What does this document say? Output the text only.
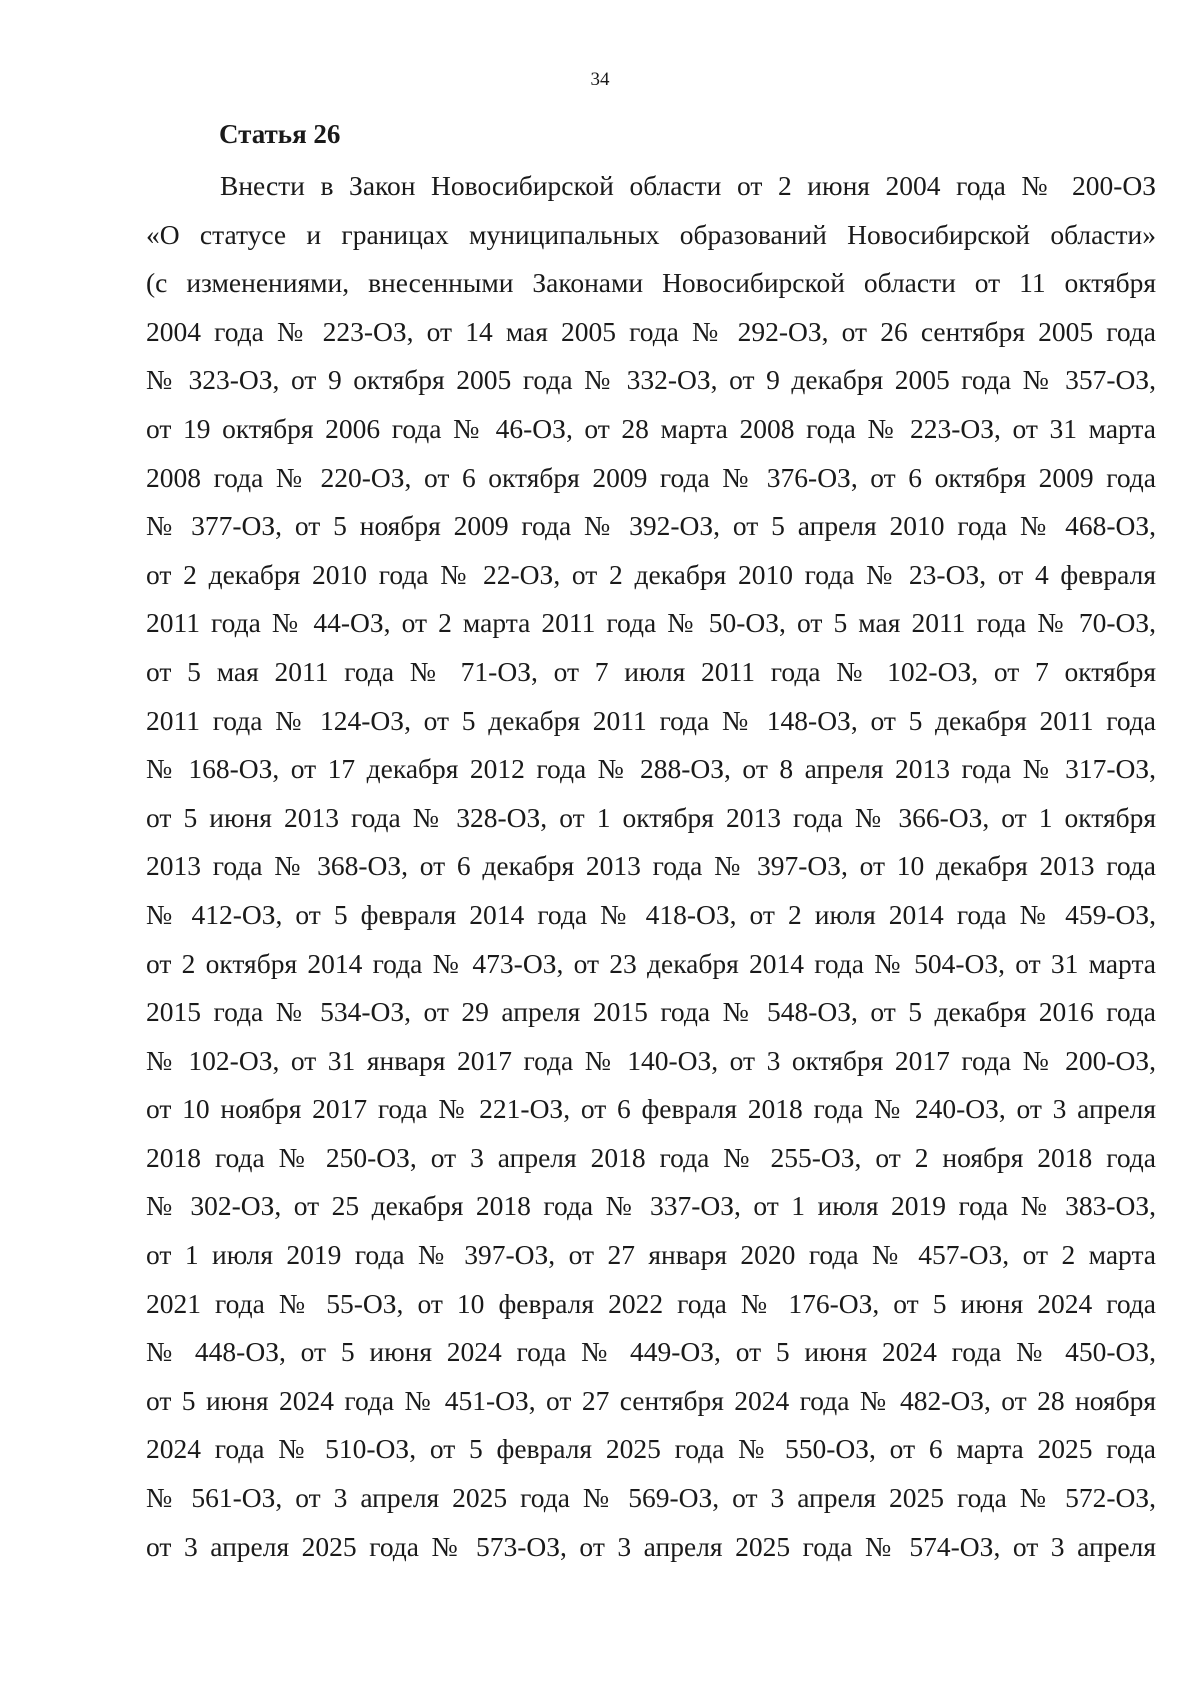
34
Статья 26
Внести в Закон Новосибирской области от 2 июня 2004 года № 200-ОЗ
«О статусе и границах муниципальных образований Новосибирской области»
(с изменениями, внесенными Законами Новосибирской области от 11 октября
2004 года № 223-ОЗ, от 14 мая 2005 года № 292-ОЗ, от 26 сентября 2005 года
№ 323-ОЗ, от 9 октября 2005 года № 332-ОЗ, от 9 декабря 2005 года № 357-ОЗ,
от 19 октября 2006 года № 46-ОЗ, от 28 марта 2008 года № 223-ОЗ, от 31 марта
2008 года № 220-ОЗ, от 6 октября 2009 года № 376-ОЗ, от 6 октября 2009 года
№ 377-ОЗ, от 5 ноября 2009 года № 392-ОЗ, от 5 апреля 2010 года № 468-ОЗ,
от 2 декабря 2010 года № 22-ОЗ, от 2 декабря 2010 года № 23-ОЗ, от 4 февраля
2011 года № 44-ОЗ, от 2 марта 2011 года № 50-ОЗ, от 5 мая 2011 года № 70-ОЗ,
от 5 мая 2011 года № 71-ОЗ, от 7 июля 2011 года № 102-ОЗ, от 7 октября
2011 года № 124-ОЗ, от 5 декабря 2011 года № 148-ОЗ, от 5 декабря 2011 года
№ 168-ОЗ, от 17 декабря 2012 года № 288-ОЗ, от 8 апреля 2013 года № 317-ОЗ,
от 5 июня 2013 года № 328-ОЗ, от 1 октября 2013 года № 366-ОЗ, от 1 октября
2013 года № 368-ОЗ, от 6 декабря 2013 года № 397-ОЗ, от 10 декабря 2013 года
№ 412-ОЗ, от 5 февраля 2014 года № 418-ОЗ, от 2 июля 2014 года № 459-ОЗ,
от 2 октября 2014 года № 473-ОЗ, от 23 декабря 2014 года № 504-ОЗ, от 31 марта
2015 года № 534-ОЗ, от 29 апреля 2015 года № 548-ОЗ, от 5 декабря 2016 года
№ 102-ОЗ, от 31 января 2017 года № 140-ОЗ, от 3 октября 2017 года № 200-ОЗ,
от 10 ноября 2017 года № 221-ОЗ, от 6 февраля 2018 года № 240-ОЗ, от 3 апреля
2018 года № 250-ОЗ, от 3 апреля 2018 года № 255-ОЗ, от 2 ноября 2018 года
№ 302-ОЗ, от 25 декабря 2018 года № 337-ОЗ, от 1 июля 2019 года № 383-ОЗ,
от 1 июля 2019 года № 397-ОЗ, от 27 января 2020 года № 457-ОЗ, от 2 марта
2021 года № 55-ОЗ, от 10 февраля 2022 года № 176-ОЗ, от 5 июня 2024 года
№ 448-ОЗ, от 5 июня 2024 года № 449-ОЗ, от 5 июня 2024 года № 450-ОЗ,
от 5 июня 2024 года № 451-ОЗ, от 27 сентября 2024 года № 482-ОЗ, от 28 ноября
2024 года № 510-ОЗ, от 5 февраля 2025 года № 550-ОЗ, от 6 марта 2025 года
№ 561-ОЗ, от 3 апреля 2025 года № 569-ОЗ, от 3 апреля 2025 года № 572-ОЗ,
от 3 апреля 2025 года № 573-ОЗ, от 3 апреля 2025 года № 574-ОЗ, от 3 апреля
